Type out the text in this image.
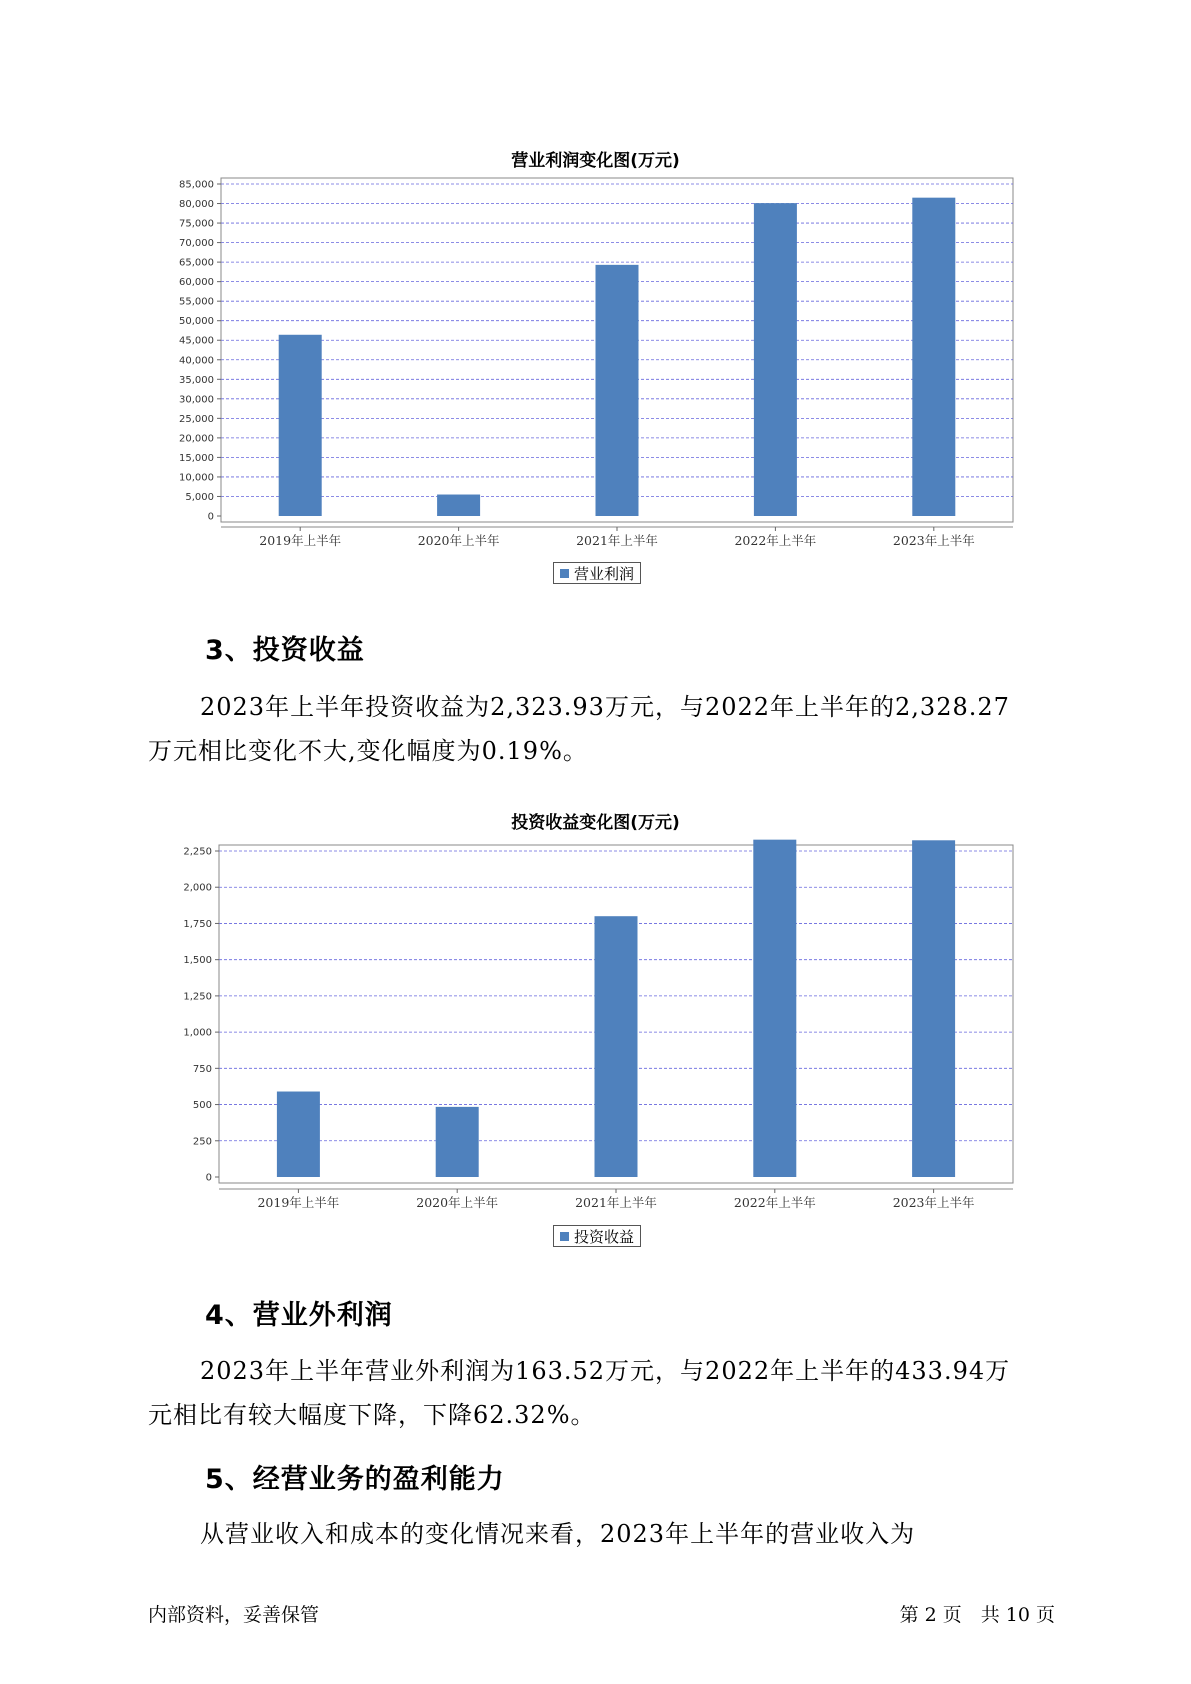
营业利润变化图(万元)
0
5,000
10,000
15,000
20,000
25,000
30,000
35,000
40,000
45,000
50,000
55,000
60,000
65,000
70,000
75,000
80,000
85,000
2019年上半年	2020年上半年	2021年上半年	2022年上半年	2023年上半年
营业利润
3、投资收益
2023年上半年投资收益为2,323.93万元，与2022年上半年的2,328.27
万元相比变化不大,变化幅度为0.19%。
投资收益变化图(万元)
0
250
500
750
1,000
1,250
1,500
1,750
2,000
2,250
2019年上半年	2020年上半年	2021年上半年	2022年上半年	2023年上半年
投资收益
4、营业外利润
2023年上半年营业外利润为163.52万元，与2022年上半年的433.94万
元相比有较大幅度下降，下降62.32%。
5、经营业务的盈利能力
从营业收入和成本的变化情况来看，2023年上半年的营业收入为
内部资料，妥善保管	第 2 页　共 10 页
